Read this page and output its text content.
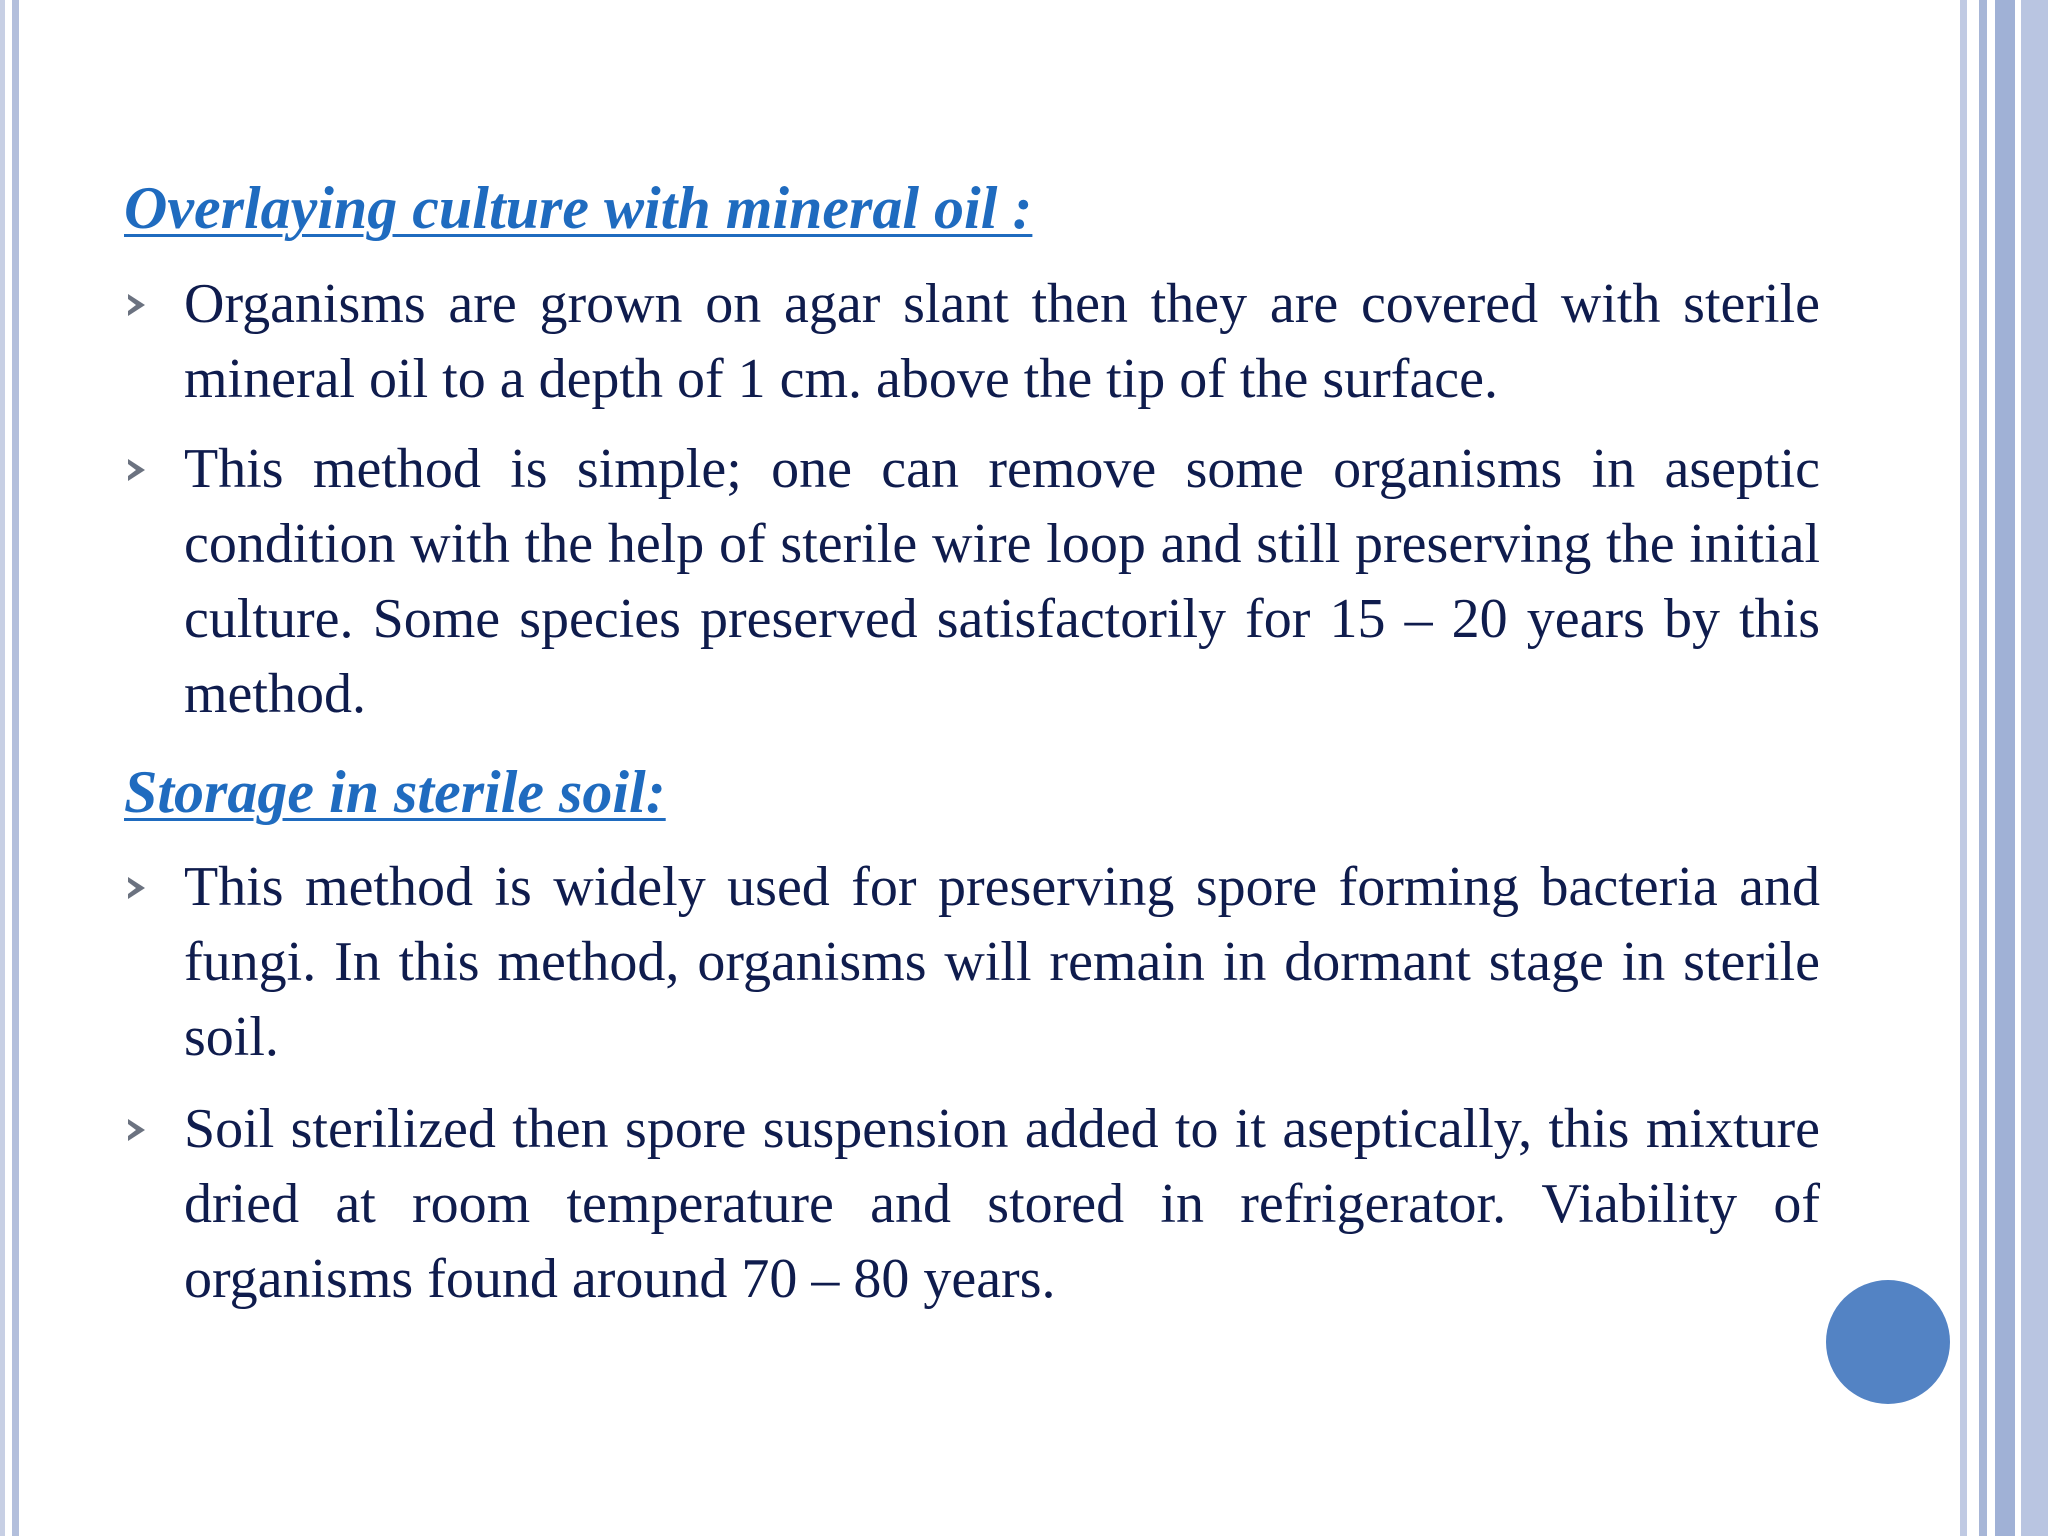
Overlaying culture with mineral oil :
Organisms are grown on agar slant then they are covered with sterile mineral oil to a depth of 1 cm. above the tip of the surface.
This method is simple; one can remove some organisms in aseptic condition with the help of sterile wire loop and still preserving the initial culture. Some species preserved satisfactorily for 15 – 20 years by this method.
Storage in sterile soil:
This method is widely used for preserving spore forming bacteria and fungi. In this method, organisms will remain in dormant stage in sterile soil.
Soil sterilized then spore suspension added to it aseptically, this mixture dried at room temperature and stored in refrigerator. Viability of organisms found around 70 – 80 years.
